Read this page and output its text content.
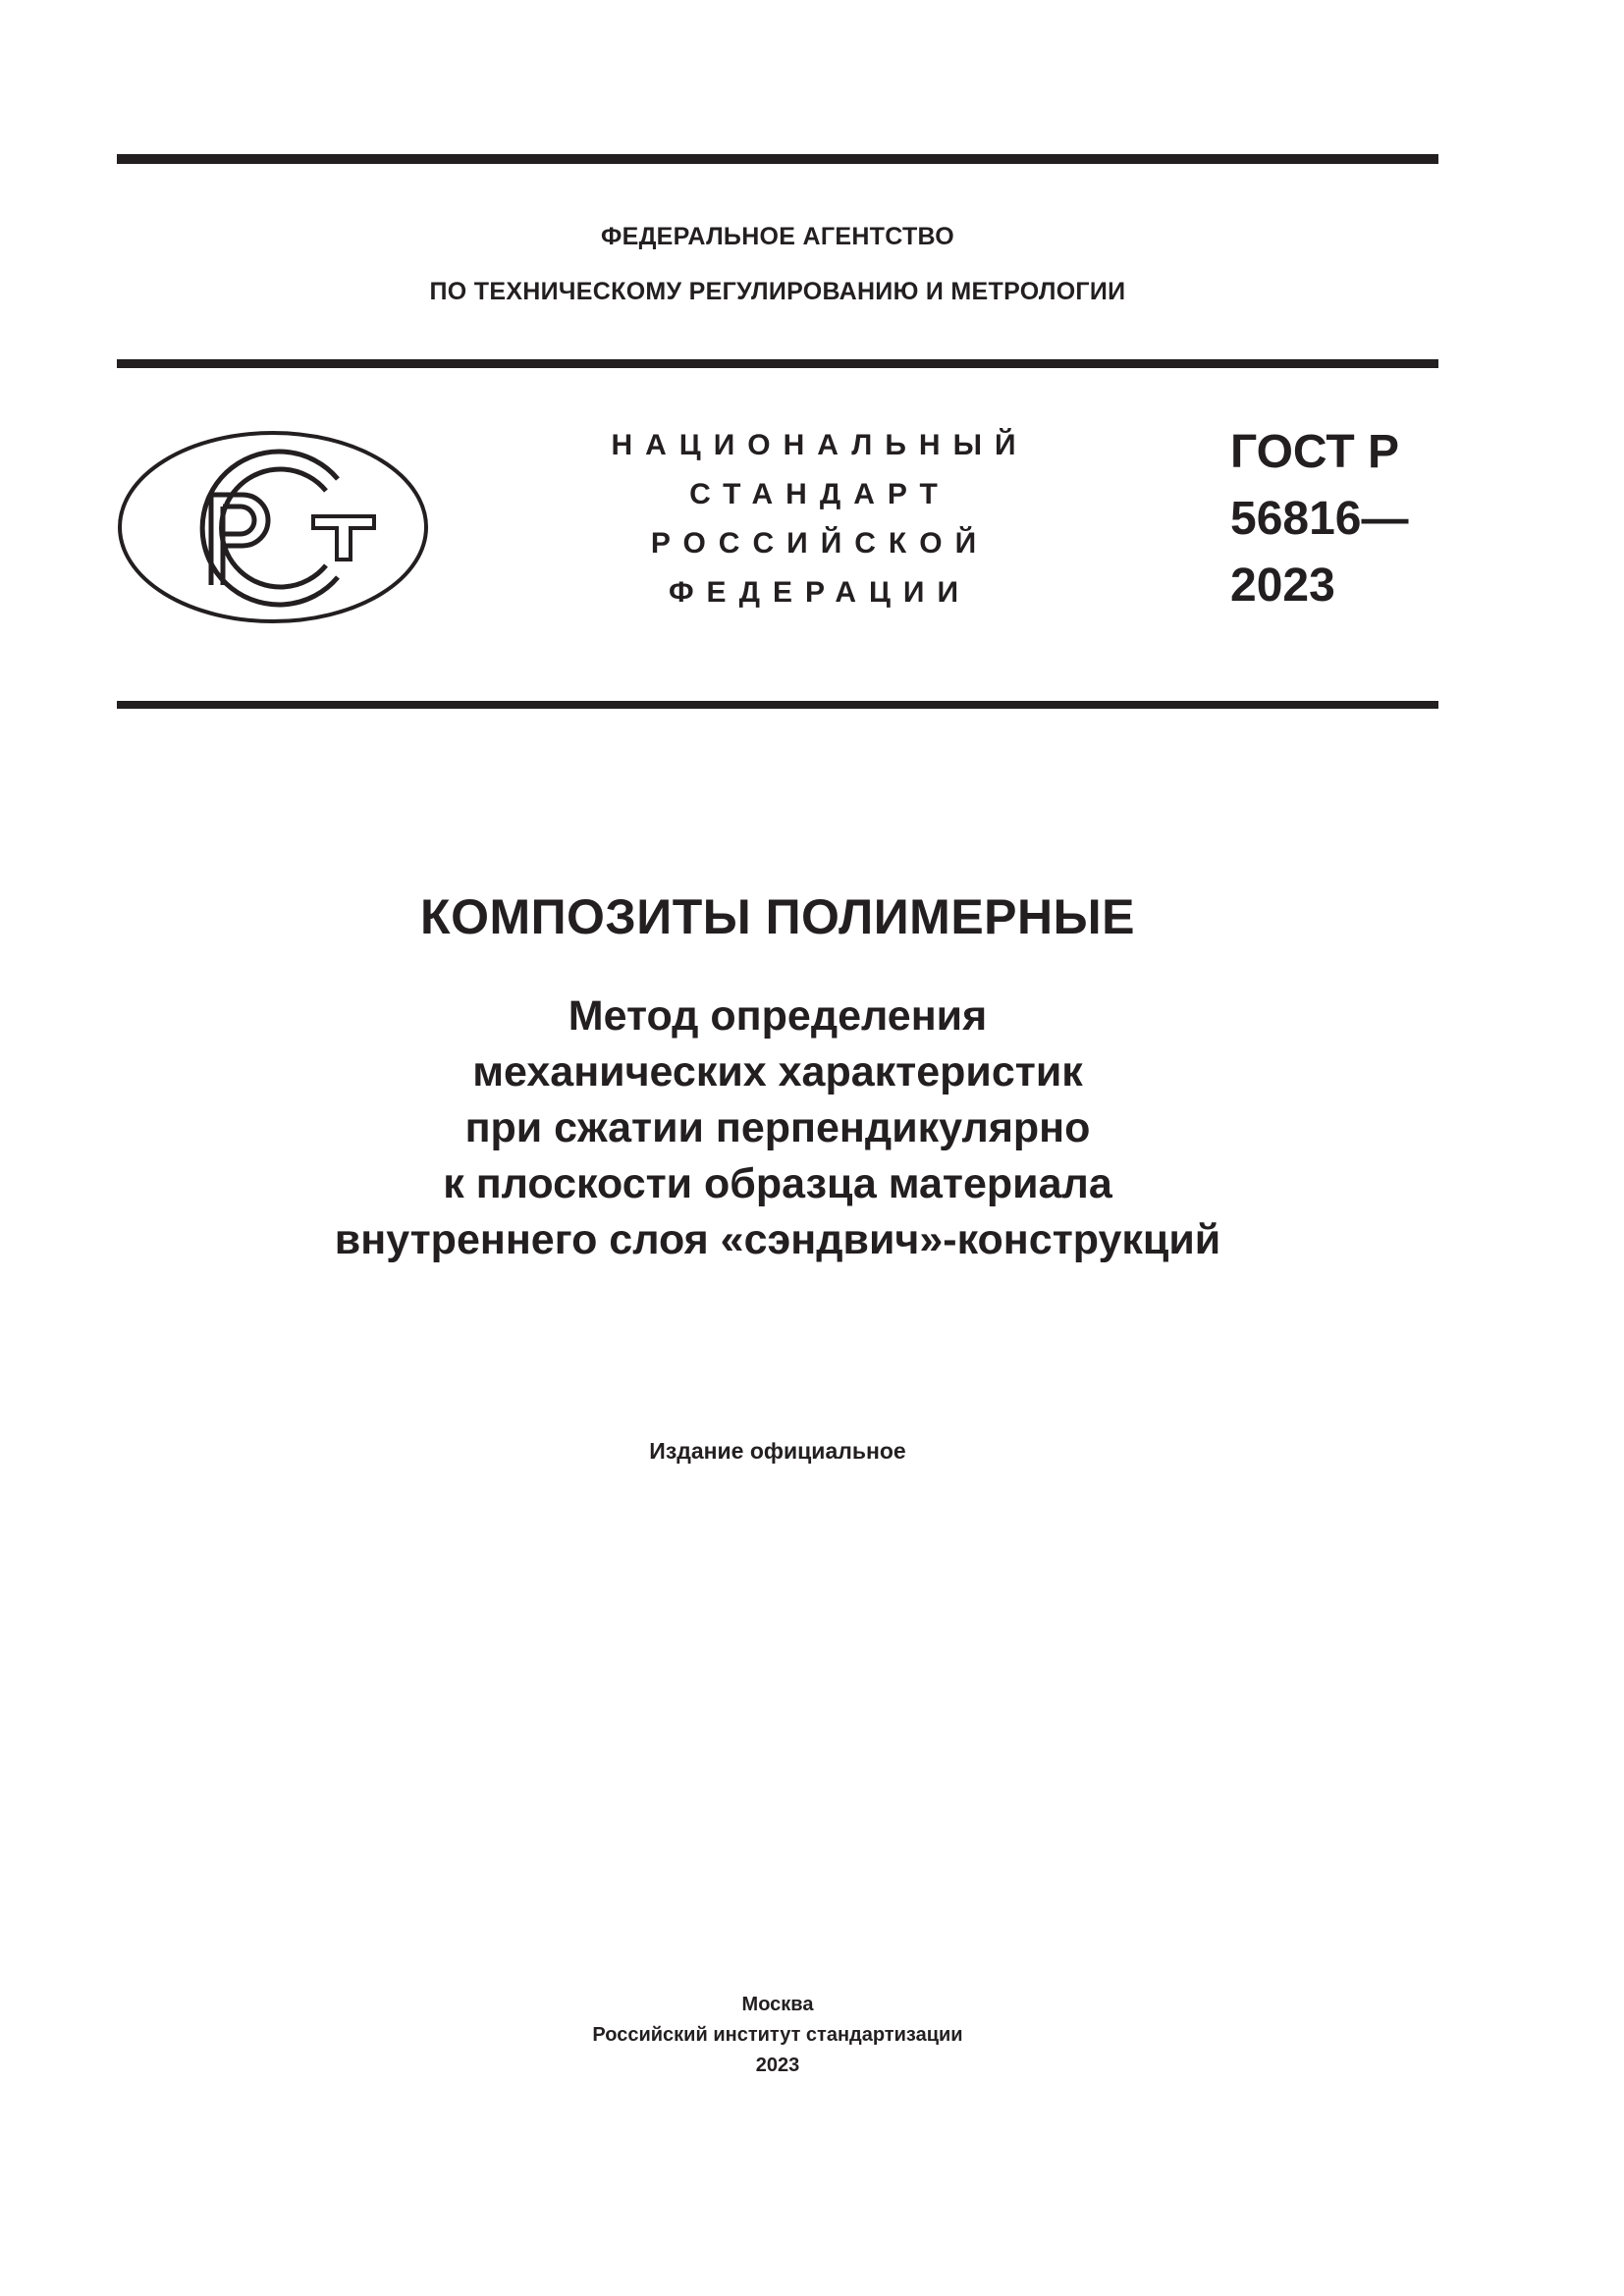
ФЕДЕРАЛЬНОЕ АГЕНТСТВО
ПО ТЕХНИЧЕСКОМУ РЕГУЛИРОВАНИЮ И МЕТРОЛОГИИ
НАЦИОНАЛЬНЫЙ
СТАНДАРТ
РОССИЙСКОЙ
ФЕДЕРАЦИИ
ГОСТ Р
56816—
2023
КОМПОЗИТЫ ПОЛИМЕРНЫЕ
Метод определения
механических характеристик
при сжатии перпендикулярно
к плоскости образца материала
внутреннего слоя «сэндвич»-конструкций
Издание официальное
Москва
Российский институт стандартизации
2023
